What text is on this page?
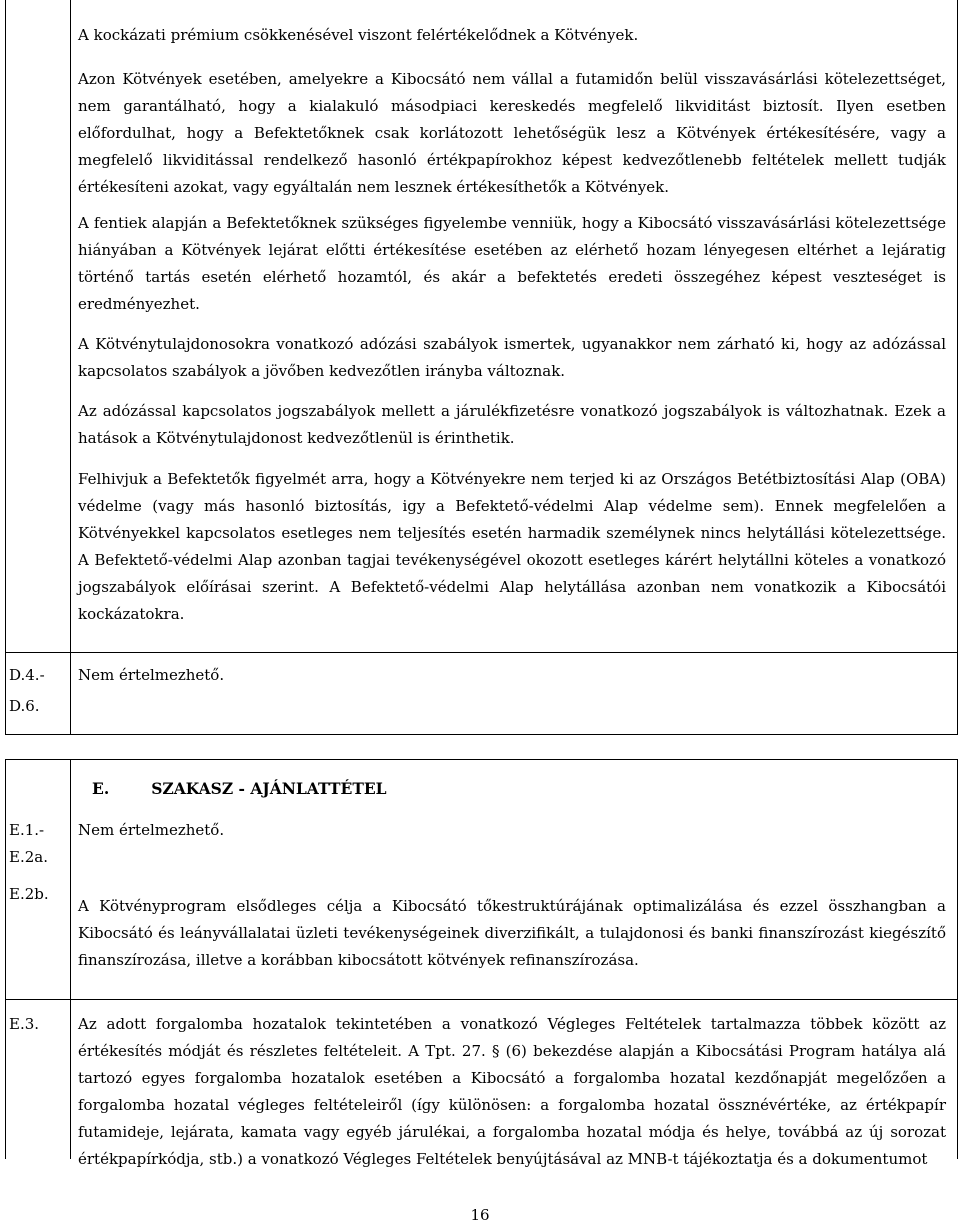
A kockázati prémium csökkenésével viszont felértékelődnek a Kötvények.

Azon Kötvények esetében, amelyekre a Kibocsátó nem vállal a futamidőn belül visszavásárlási kötelezettséget, nem garantálható, hogy a kialakuló másodpiaci kereskedés megfelelő likviditást biztosít. Ilyen esetben előfordulhat, hogy a Befektetőknek csak korlátozott lehetőségük lesz a Kötvények értékesítésére, vagy a megfelelő likviditással rendelkező hasonló értékpapírokhoz képest kedvezőtlenebb feltételek mellett tudják értékesíteni azokat, vagy egyáltalán nem lesznek értékesíthetők a Kötvények.

A fentiek alapján a Befektetőknek szükséges figyelembe venniük, hogy a Kibocsátó visszavásárlási kötelezettsége hiányában a Kötvények lejárat előtti értékesítése esetében az elérhető hozam lényegesen eltérhet a lejáratig történő tartás esetén elérhető hozamtól, és akár a befektetés eredeti összegéhez képest veszteséget is eredményezhet.

A Kötvénytulajdonosokra vonatkozó adózási szabályok ismertek, ugyanakkor nem zárható ki, hogy az adózással kapcsolatos szabályok a jövőben kedvezőtlen irányba változnak.

Az adózással kapcsolatos jogszabályok mellett a járulékfizetésre vonatkozó jogszabályok is változhatnak. Ezek a hatások a Kötvénytulajdonost kedvezőtlenül is érinthetik.

Felhivjuk a Befektetők figyelmét arra, hogy a Kötvényekre nem terjed ki az Országos Betétbiztosítási Alap (OBA) védelme (vagy más hasonló biztosítás, igy a Befektető-védelmi Alap védelme sem). Ennek megfelelően a Kötvényekkel kapcsolatos esetleges nem teljesítés esetén harmadik személynek nincs helytállási kötelezettsége. A Befektető-védelmi Alap azonban tagjai tevékenységével okozott esetleges kárért helytállni köteles a vonatkozó jogszabályok előírásai szerint. A Befektető-védelmi Alap helytállása azonban nem vonatkozik a Kibocsátói kockázatokra.

D.4.-
D.6.

Nem értelmezhető.

E.	SZAKASZ - AJÁNLATTÉTEL
E.1.-
E.2a.

Nem értelmezhető.

E.2b.

A Kötvényprogram elsődleges célja a Kibocsátó tőkestruktúrájának optimalizálása és ezzel összhangban a Kibocsátó és leányvállalatai üzleti tevékenységeinek diverzifikált, a tulajdonosi és banki finanszírozást kiegészítő finanszírozása, illetve a korábban kibocsátott kötvények refinanszírozása.

E.3.	Az adott forgalomba hozatalok tekintetében a vonatkozó Végleges Feltételek tartalmazza többek között az értékesítés módját és részletes feltételeit. A Tpt. 27. § (6) bekezdése alapján a Kibocsátási Program hatálya alá tartozó egyes forgalomba hozatalok esetében a Kibocsátó a forgalomba hozatal kezdőnapját megelőzően a forgalomba hozatal végleges feltételeiről (így különösen: a forgalomba hozatal össznévértéke, az értékpapír futamideje, lejárata, kamata vagy egyéb járulékai, a forgalomba hozatal módja és helye, továbbá az új sorozat értékpapírkódja, stb.) a vonatkozó Végleges Feltételek benyújtásával az MNB-t tájékoztatja és a dokumentumot

16
